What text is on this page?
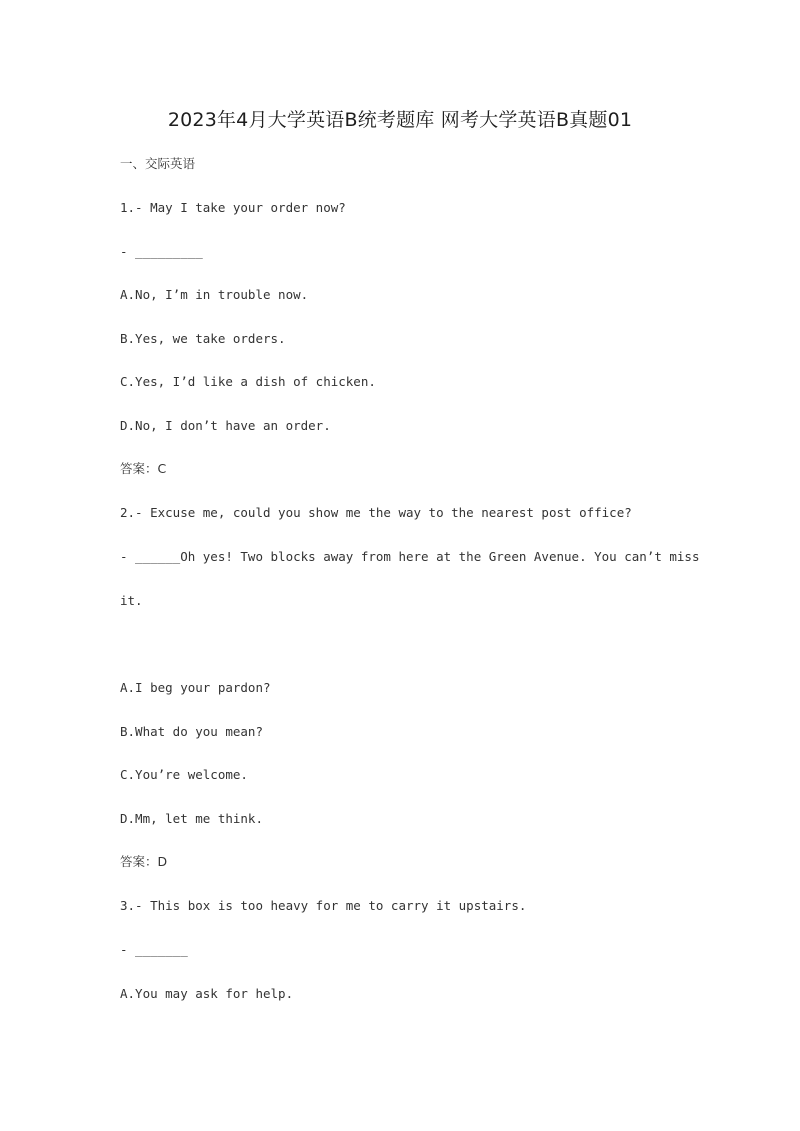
2023年4月大学英语B统考题库 网考大学英语B真题01
一、交际英语
1.- May I take your order now?
- _________
A.No, I’m in trouble now.
B.Yes, we take orders.
C.Yes, I’d like a dish of chicken.
D.No, I don’t have an order.
答案：C
2.- Excuse me, could you show me the way to the nearest post office?
- ______Oh yes! Two blocks away from here at the Green Avenue. You can’t miss
it.
A.I beg your pardon?
B.What do you mean?
C.You’re welcome.
D.Mm, let me think.
答案：D
3.- This box is too heavy for me to carry it upstairs.
- _______
A.You may ask for help.
